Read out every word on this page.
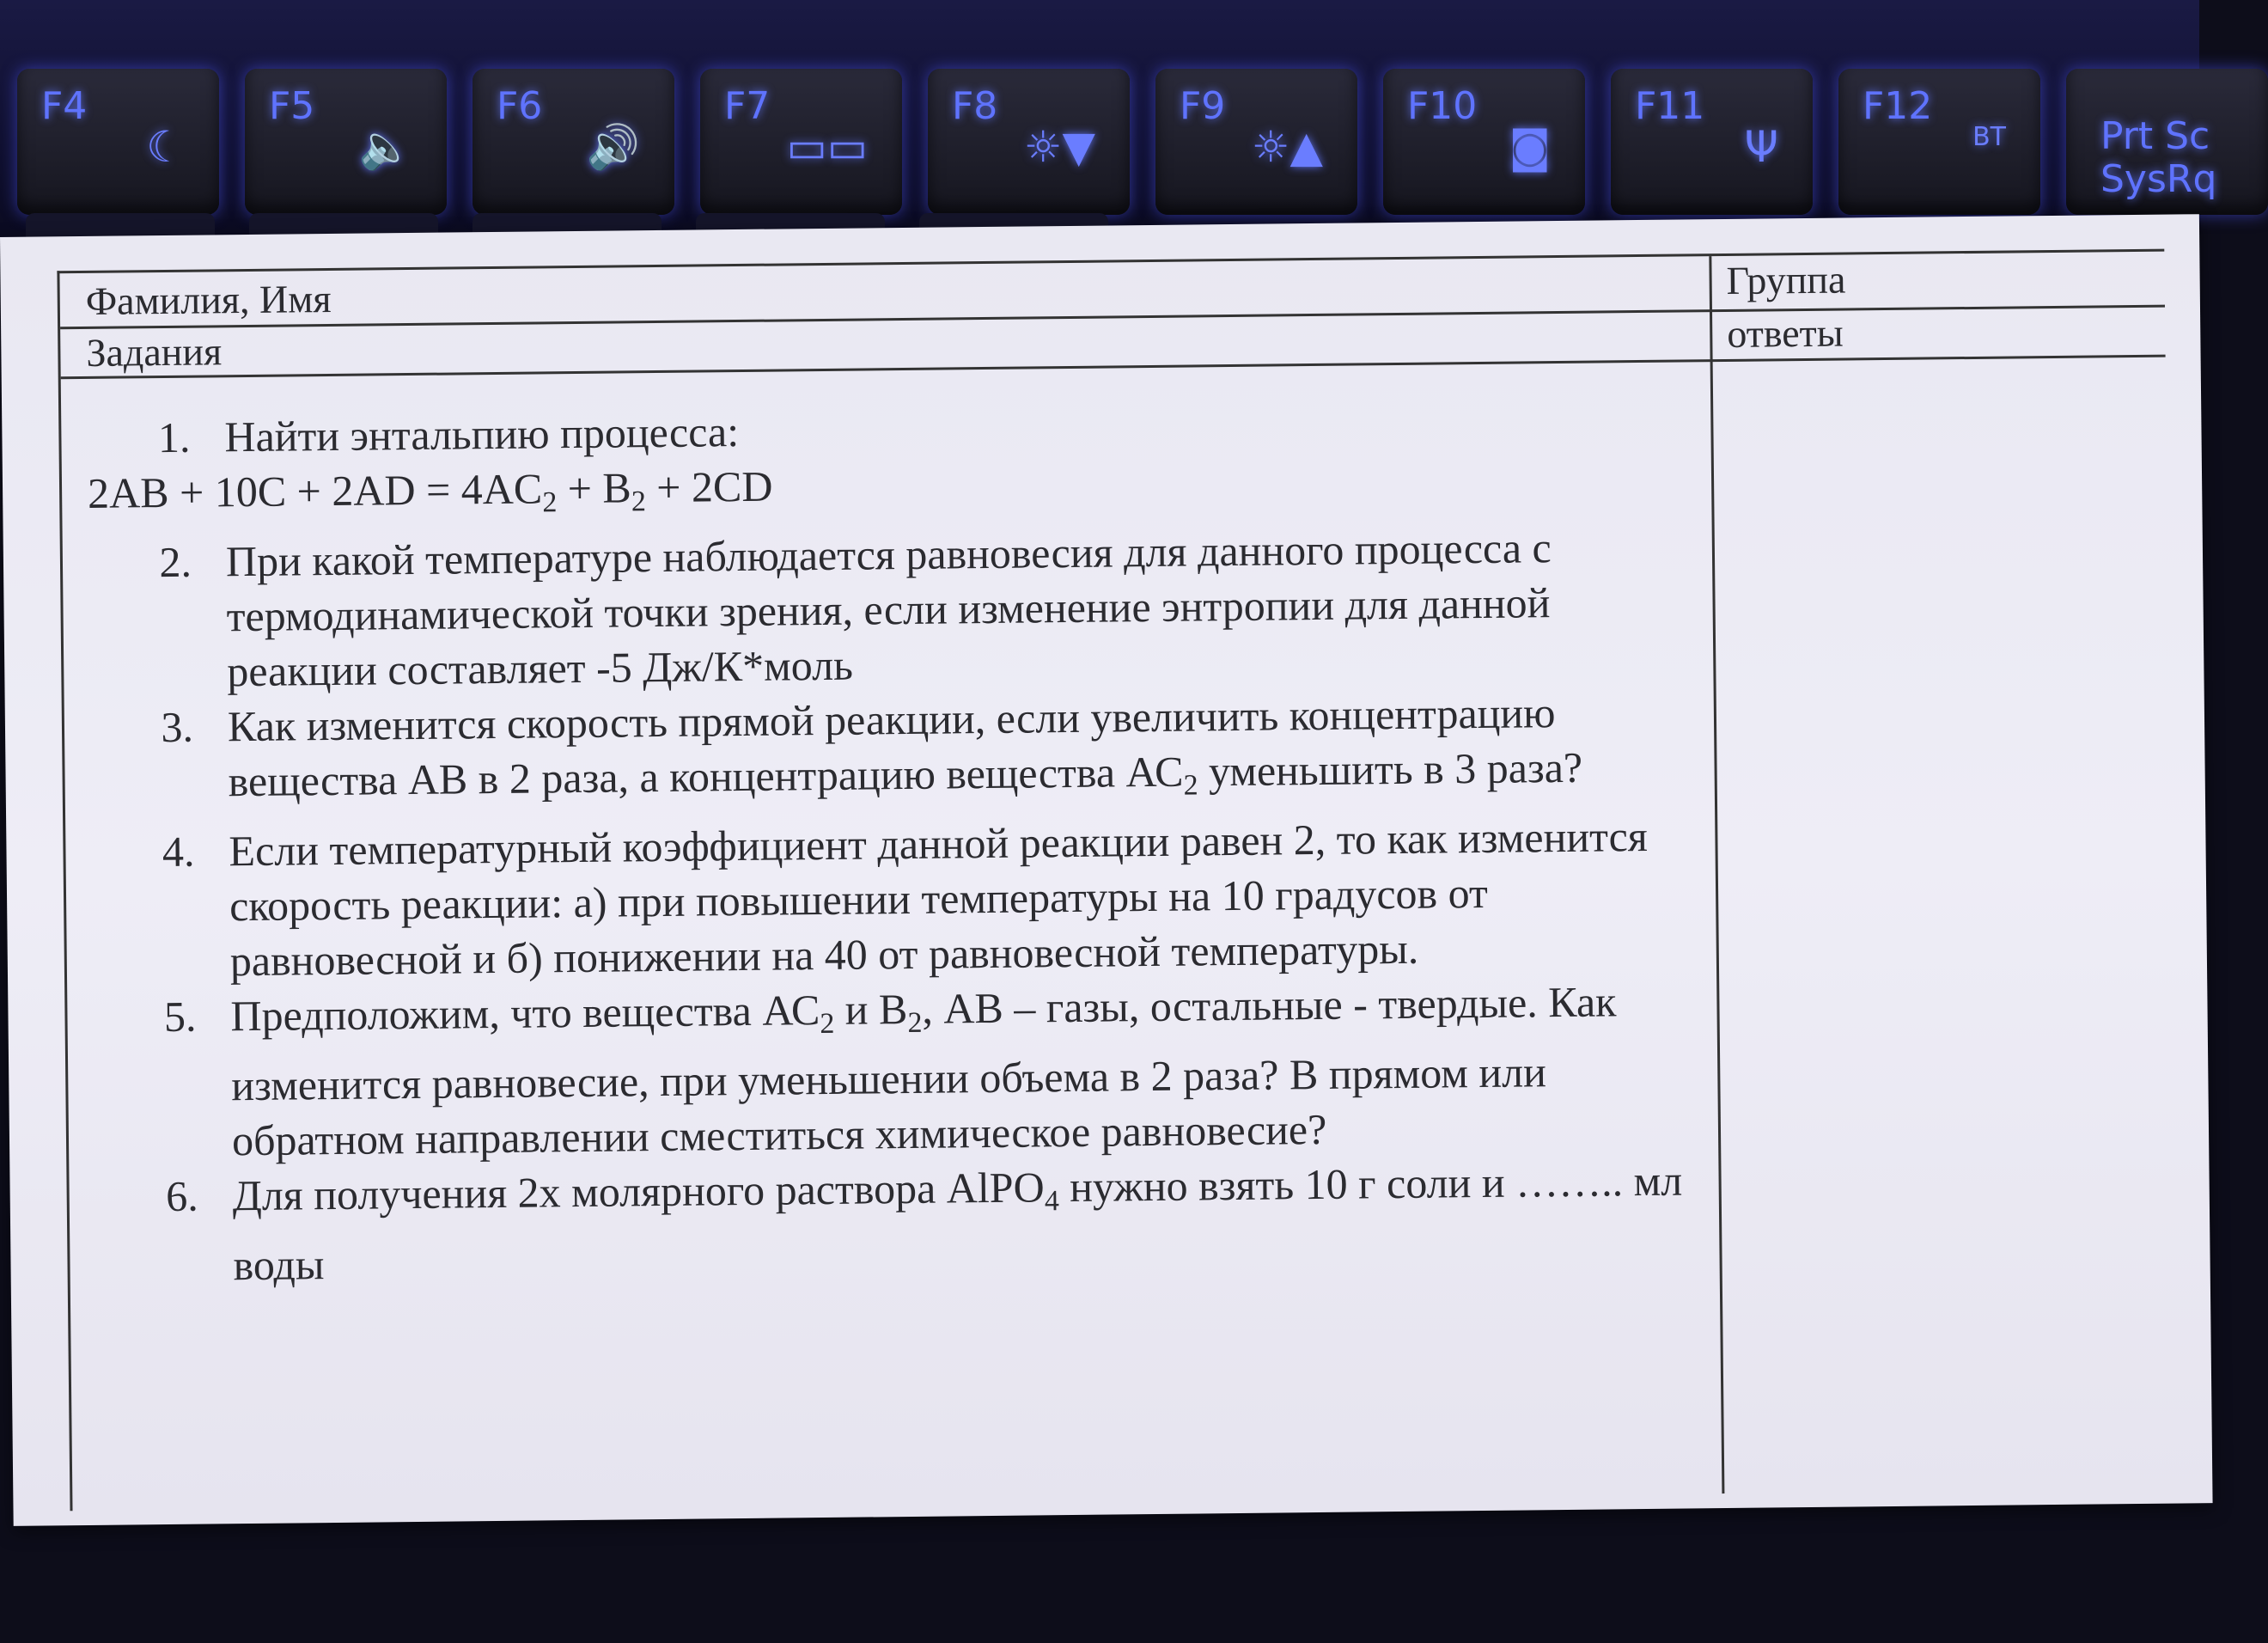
F4
☾
F5
🔈
F6
🔊
F7
▭▭
F8
☼▼
F9
☼▲
F10
◙
F11
Ψ
F12
BT	Prt Sc
SysRq
Фамилия, Имя	Группа
Задания	ответы
1. Найти энтальпию процесса:
$2AB + 10C + 2AD = 4AC_2 + B_2 + 2CD$
2. При какой температуре наблюдается равновесия для данного процесса с термодинамической точки зрения, если изменение энтропии для данной реакции составляет -5 Дж/К*моль
3. Как изменится скорость прямой реакции, если увеличить концентрацию вещества АВ в 2 раза, а концентрацию вещества $АС_2$ уменьшить в 3 раза?
4. Если температурный коэффициент данной реакции равен 2, то как изменится скорость реакции: а) при повышении температуры на 10 градусов от равновесной и б) понижении на 40 от равновесной температуры.
5. Предположим, что вещества $АС_2$ и $В_2$, АВ – газы, остальные - твердые. Как изменится равновесие, при уменьшении объема в 2 раза? В прямом или обратном направлении сместиться химическое равновесие?
6. Для получения 2х молярного раствора AlPO$_4$ нужно взять 10 г соли и …….. мл воды
